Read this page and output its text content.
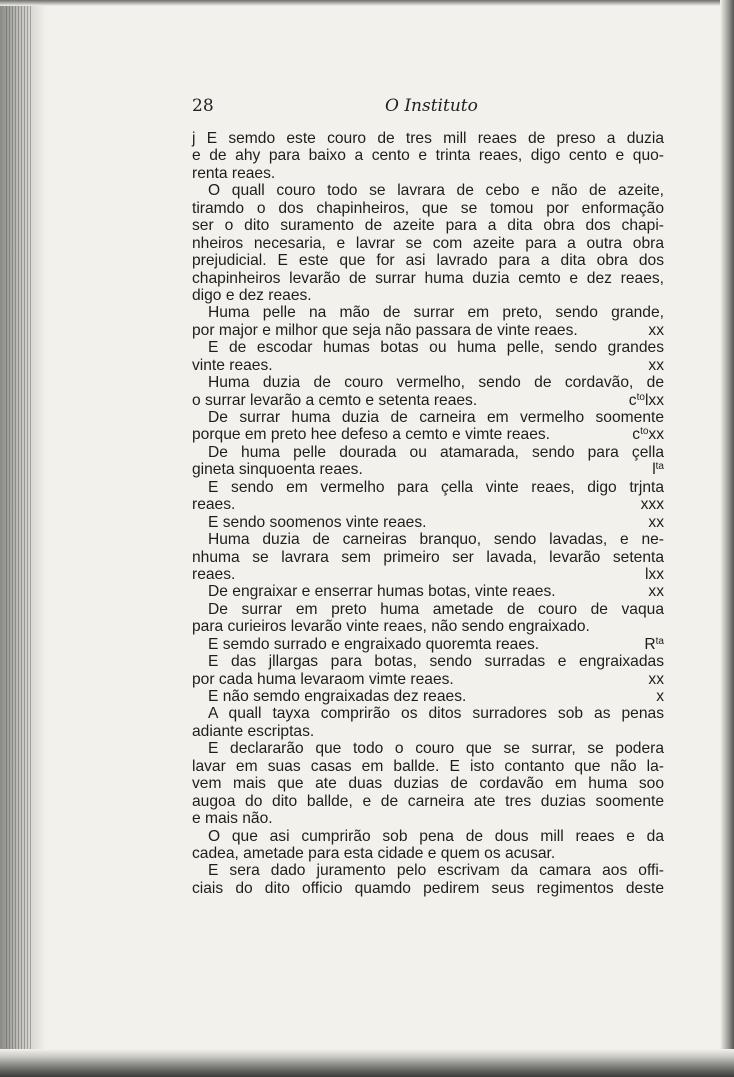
28	O Instituto
j E semdo este couro de tres mill reaes de preso a duzia
e de ahy para baixo a cento e trinta reaes, digo cento e quo-
renta reaes.
O quall couro todo se lavrara de cebo e não de azeite,
tiramdo o dos chapinheiros, que se tomou por enformação
ser o dito suramento de azeite para a dita obra dos chapi-
nheiros necesaria, e lavrar se com azeite para a outra obra
prejudicial. E este que for asi lavrado para a dita obra dos
chapinheiros levarão de surrar huma duzia cemto e dez reaes,
digo e dez reaes.
Huma pelle na mão de surrar em preto, sendo grande,
por major e milhor que seja não passara de vinte reaes.	xx
E de escodar humas botas ou huma pelle, sendo grandes
vinte reaes.	xx
Huma duzia de couro vermelho, sendo de cordavão, de
o surrar levarão a cemto e setenta reaes.	$c^{to}lxx$
De surrar huma duzia de carneira em vermelho soomente
porque em preto hee defeso a cemto e vimte reaes.	$c^{to}xx$
De huma pelle dourada ou atamarada, sendo para çella
gineta sinquoenta reaes.	$l^{ta}$
E sendo em vermelho para çella vinte reaes, digo trjnta
reaes.	xxx
E sendo soomenos vinte reaes.	xx
Huma duzia de carneiras branquo, sendo lavadas, e ne-
nhuma se lavrara sem primeiro ser lavada, levarão setenta
reaes.	lxx
De engraixar e enserrar humas botas, vinte reaes.	xx
De surrar em preto huma ametade de couro de vaqua
para curieiros levarão vinte reaes, não sendo engraixado.
E semdo surrado e engraixado quoremta reaes.	$R^{ta}$
E das jllargas para botas, sendo surradas e engraixadas
por cada huma levaraom vimte reaes.	xx
E não semdo engraixadas dez reaes.	x
A quall tayxa comprirão os ditos surradores sob as penas
adiante escriptas.
E declararão que todo o couro que se surrar, se podera
lavar em suas casas em ballde. E isto contanto que não la-
vem mais que ate duas duzias de cordavão em huma soo
augoa do dito ballde, e de carneira ate tres duzias soomente
e mais não.
O que asi cumprirão sob pena de dous mill reaes e da
cadea, ametade para esta cidade e quem os acusar.
E sera dado juramento pelo escrivam da camara aos offi-
ciais do dito officio quamdo pedirem seus regimentos deste
